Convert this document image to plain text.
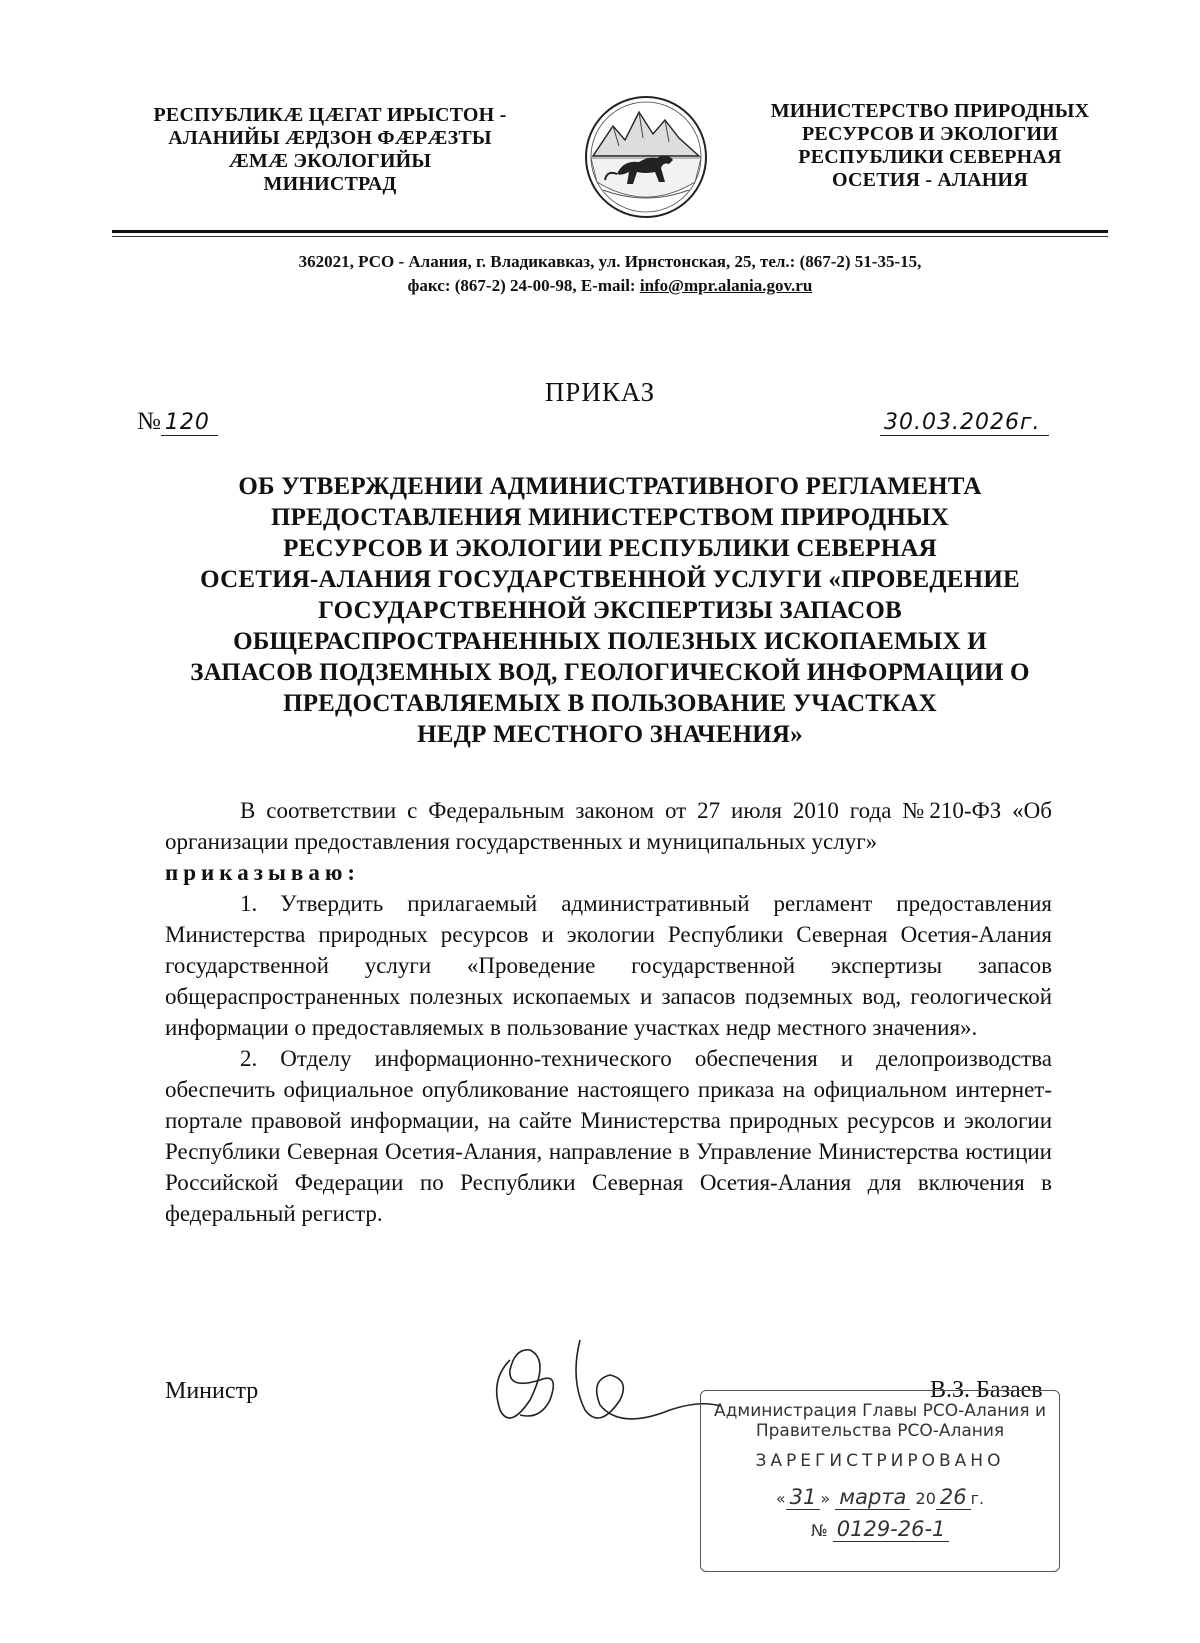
РЕСПУБЛИКӔ ЦӔГАТ ИРЫСТОН -
АЛАНИЙЫ ӔРДЗОН ФӔРӔЗТЫ
ӔМӔ ЭКОЛОГИЙЫ
МИНИСТРАД
МИНИСТЕРСТВО ПРИРОДНЫХ
РЕСУРСОВ И ЭКОЛОГИИ
РЕСПУБЛИКИ СЕВЕРНАЯ
ОСЕТИЯ - АЛАНИЯ
362021, РСО - Алания, г. Владикавказ, ул. Ирнстонская, 25, тел.: (867-2) 51-35-15,
факс: (867-2) 24-00-98, E-mail: info@mpr.alania.gov.ru
ПРИКАЗ
№ 120	30.03.2026г.
ОБ УТВЕРЖДЕНИИ АДМИНИСТРАТИВНОГО РЕГЛАМЕНТА
ПРЕДОСТАВЛЕНИЯ МИНИСТЕРСТВОМ ПРИРОДНЫХ
РЕСУРСОВ И ЭКОЛОГИИ РЕСПУБЛИКИ СЕВЕРНАЯ
ОСЕТИЯ-АЛАНИЯ ГОСУДАРСТВЕННОЙ УСЛУГИ «ПРОВЕДЕНИЕ
ГОСУДАРСТВЕННОЙ ЭКСПЕРТИЗЫ ЗАПАСОВ
ОБЩЕРАСПРОСТРАНЕННЫХ ПОЛЕЗНЫХ ИСКОПАЕМЫХ И
ЗАПАСОВ ПОДЗЕМНЫХ ВОД, ГЕОЛОГИЧЕСКОЙ ИНФОРМАЦИИ О
ПРЕДОСТАВЛЯЕМЫХ В ПОЛЬЗОВАНИЕ УЧАСТКАХ
НЕДР МЕСТНОГО ЗНАЧЕНИЯ»

В соответствии с Федеральным законом от 27 июля 2010 года №210-ФЗ «Об организации предоставления государственных и муниципальных услуг»

приказываю:

1. Утвердить прилагаемый административный регламент предоставления Министерства природных ресурсов и экологии Республики Северная Осетия-Алания государственной услуги «Проведение государственной экспертизы запасов общераспространенных полезных ископаемых и запасов подземных вод, геологической информации о предоставляемых в пользование участках недр местного значения».

2. Отделу информационно-технического обеспечения и делопроизводства обеспечить официальное опубликование настоящего приказа на официальном интернет-портале правовой информации, на сайте Министерства природных ресурсов и экологии Республики Северная Осетия-Алания, направление в Управление Министерства юстиции Российской Федерации по Республики Северная Осетия-Алания для включения в федеральный регистр.

Министр	В.З. Базаев
Администрация Главы РСО-Алания и
Правительства РСО-Алания
ЗАРЕГИСТРИРОВАНО
« 31 » марта 20 26 г.
№ 0129-26-1
